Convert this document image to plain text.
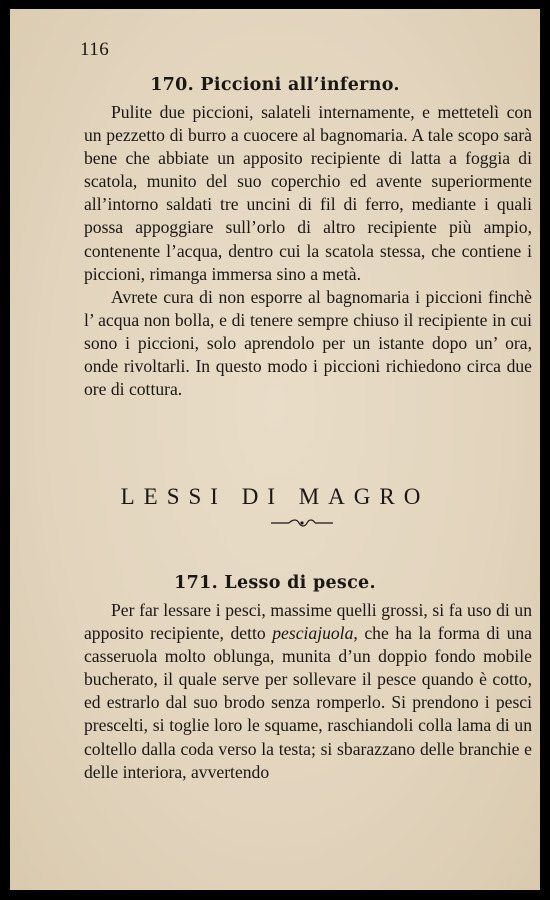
116
170. Piccioni all’inferno.

Pulite due piccioni, salateli internamente, e mettetelì con un pezzetto di burro a cuocere al bagnomaria. A tale scopo sarà bene che abbiate un apposito recipiente di latta a foggia di scatola, munito del suo coperchio ed avente superiormente all’intorno saldati tre uncini di fil di ferro, mediante i quali possa appoggiare sull’orlo di altro recipiente più ampio, contenente l’acqua, dentro cui la scatola stessa, che contiene i piccioni, rimanga immersa sino a metà.

Avrete cura di non esporre al bagnomaria i piccioni finchè l’ acqua non bolla, e di tenere sempre chiuso il recipiente in cui sono i piccioni, solo aprendolo per un istante dopo un’ ora, onde rivoltarli. In questo modo i piccioni richiedono circa due ore di cottura.

LESSI DI MAGRO
171. Lesso di pesce.

Per far lessare i pesci, massime quelli grossi, si fa uso di un apposito recipiente, detto pesciajuola, che ha la forma di una casseruola molto oblunga, munita d’un doppio fondo mobile bucherato, il quale serve per sollevare il pesce quando è cotto, ed estrarlo dal suo brodo senza romperlo. Si prendono i pesci prescelti, si toglie loro le squame, raschiandoli colla lama di un coltello dalla coda verso la testa; si sbarazzano delle branchie e delle interiora, avvertendo
